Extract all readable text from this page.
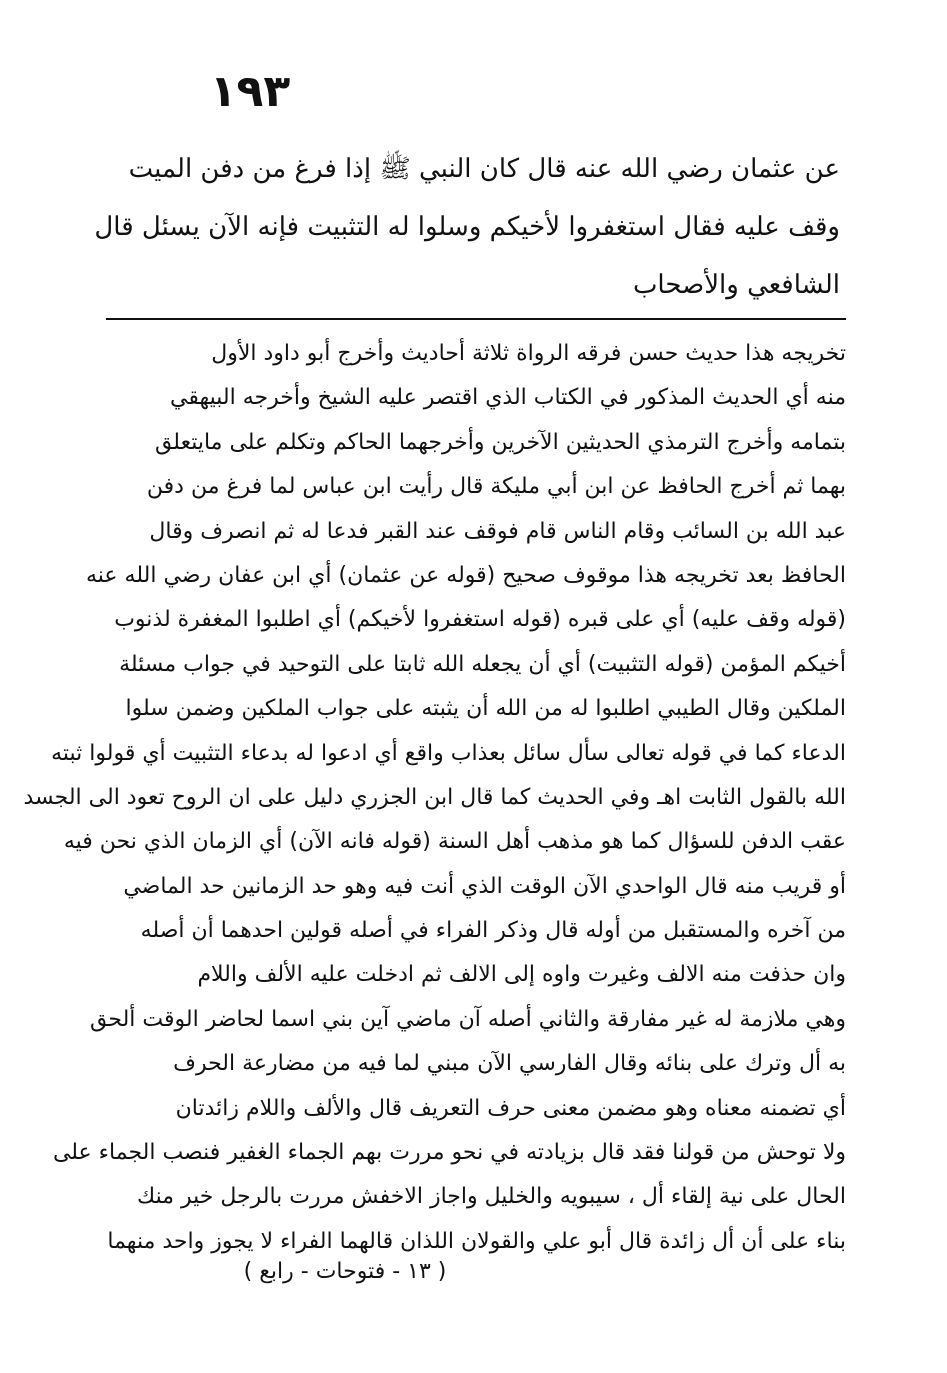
١٩٣
عن عثمان رضي الله عنه قال كان النبي ﷺ إذا فرغ من دفن الميت
وقف عليه فقال استغفروا لأخيكم وسلوا له التثبيت فإنه الآن يسئل قال
الشافعي والأصحاب
تخريجه هذا حديث حسن فرقه الرواة ثلاثة أحاديث وأخرج أبو داود الأول
منه أي الحديث المذكور في الكتاب الذي اقتصر عليه الشيخ وأخرجه البيهقي
بتمامه وأخرج الترمذي الحديثين الآخرين وأخرجهما الحاكم وتكلم على مايتعلق
بهما ثم أخرج الحافظ عن ابن أبي مليكة قال رأيت ابن عباس لما فرغ من دفن
عبد الله بن السائب وقام الناس قام فوقف عند القبر فدعا له ثم انصرف وقال
الحافظ بعد تخريجه هذا موقوف صحيح (قوله عن عثمان) أي ابن عفان رضي الله عنه
(قوله وقف عليه) أي على قبره (قوله استغفروا لأخيكم) أي اطلبوا المغفرة لذنوب
أخيكم المؤمن (قوله التثبيت) أي أن يجعله الله ثابتا على التوحيد في جواب مسئلة
الملكين وقال الطيبي اطلبوا له من الله أن يثبته على جواب الملكين وضمن سلوا
الدعاء كما في قوله تعالى سأل سائل بعذاب واقع أي ادعوا له بدعاء التثبيت أي قولوا ثبته
الله بالقول الثابت اهـ وفي الحديث كما قال ابن الجزري دليل على ان الروح تعود الى الجسد
عقب الدفن للسؤال كما هو مذهب أهل السنة (قوله فانه الآن) أي الزمان الذي نحن فيه
أو قريب منه قال الواحدي الآن الوقت الذي أنت فيه وهو حد الزمانين حد الماضي
من آخره والمستقبل من أوله قال وذكر الفراء في أصله قولين احدهما أن أصله
وان حذفت منه الالف وغيرت واوه إلى الالف ثم ادخلت عليه الألف واللام
وهي ملازمة له غير مفارقة والثاني أصله آن ماضي آين بني اسما لحاضر الوقت ألحق
به أل وترك على بنائه وقال الفارسي الآن مبني لما فيه من مضارعة الحرف
أي تضمنه معناه وهو مضمن معنى حرف التعريف قال والألف واللام زائدتان
ولا توحش من قولنا فقد قال بزيادته في نحو مررت بهم الجماء الغفير فنصب الجماء على
الحال على نية إلقاء أل ، سيبويه والخليل واجاز الاخفش مررت بالرجل خير منك
بناء على أن أل زائدة قال أبو علي والقولان اللذان قالهما الفراء لا يجوز واحد منهما
( ١٣ - فتوحات - رابع )
